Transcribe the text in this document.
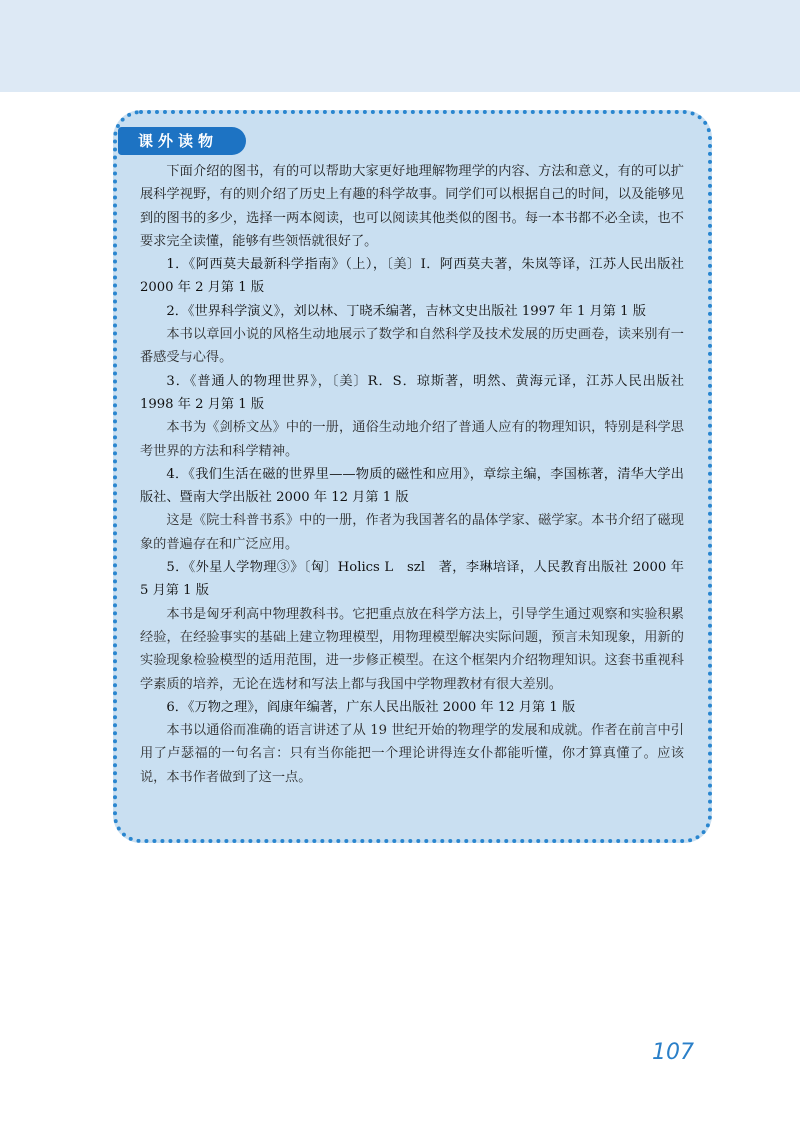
课外读物

下面介绍的图书，有的可以帮助大家更好地理解物理学的内容、方法和意义，有的可以扩展科学视野，有的则介绍了历史上有趣的科学故事。同学们可以根据自己的时间，以及能够见到的图书的多少，选择一两本阅读，也可以阅读其他类似的图书。每一本书都不必全读，也不要求完全读懂，能够有些领悟就很好了。

1．《阿西莫夫最新科学指南》（上），〔美〕I．阿西莫夫著，朱岚等译，江苏人民出版社 2000 年 2 月第 1 版

2．《世界科学演义》，刘以林、丁晓禾编著，吉林文史出版社 1997 年 1 月第 1 版

本书以章回小说的风格生动地展示了数学和自然科学及技术发展的历史画卷，读来别有一番感受与心得。

3．《普通人的物理世界》，〔美〕R．S．琼斯著，明然、黄海元译，江苏人民出版社 1998 年 2 月第 1 版

本书为《剑桥文丛》中的一册，通俗生动地介绍了普通人应有的物理知识，特别是科学思考世界的方法和科学精神。

4．《我们生活在磁的世界里——物质的磁性和应用》，章综主编，李国栋著，清华大学出版社、暨南大学出版社 2000 年 12 月第 1 版

这是《院士科普书系》中的一册，作者为我国著名的晶体学家、磁学家。本书介绍了磁现象的普遍存在和广泛应用。

5．《外星人学物理③》〔匈〕Holics L　szl　著，李琳培译，人民教育出版社 2000 年 5 月第 1 版

本书是匈牙利高中物理教科书。它把重点放在科学方法上，引导学生通过观察和实验积累经验，在经验事实的基础上建立物理模型，用物理模型解决实际问题，预言未知现象，用新的实验现象检验模型的适用范围，进一步修正模型。在这个框架内介绍物理知识。这套书重视科学素质的培养，无论在选材和写法上都与我国中学物理教材有很大差别。

6．《万物之理》，阎康年编著，广东人民出版社 2000 年 12 月第 1 版

本书以通俗而准确的语言讲述了从 19 世纪开始的物理学的发展和成就。作者在前言中引用了卢瑟福的一句名言：只有当你能把一个理论讲得连女仆都能听懂，你才算真懂了。应该说，本书作者做到了这一点。

107
